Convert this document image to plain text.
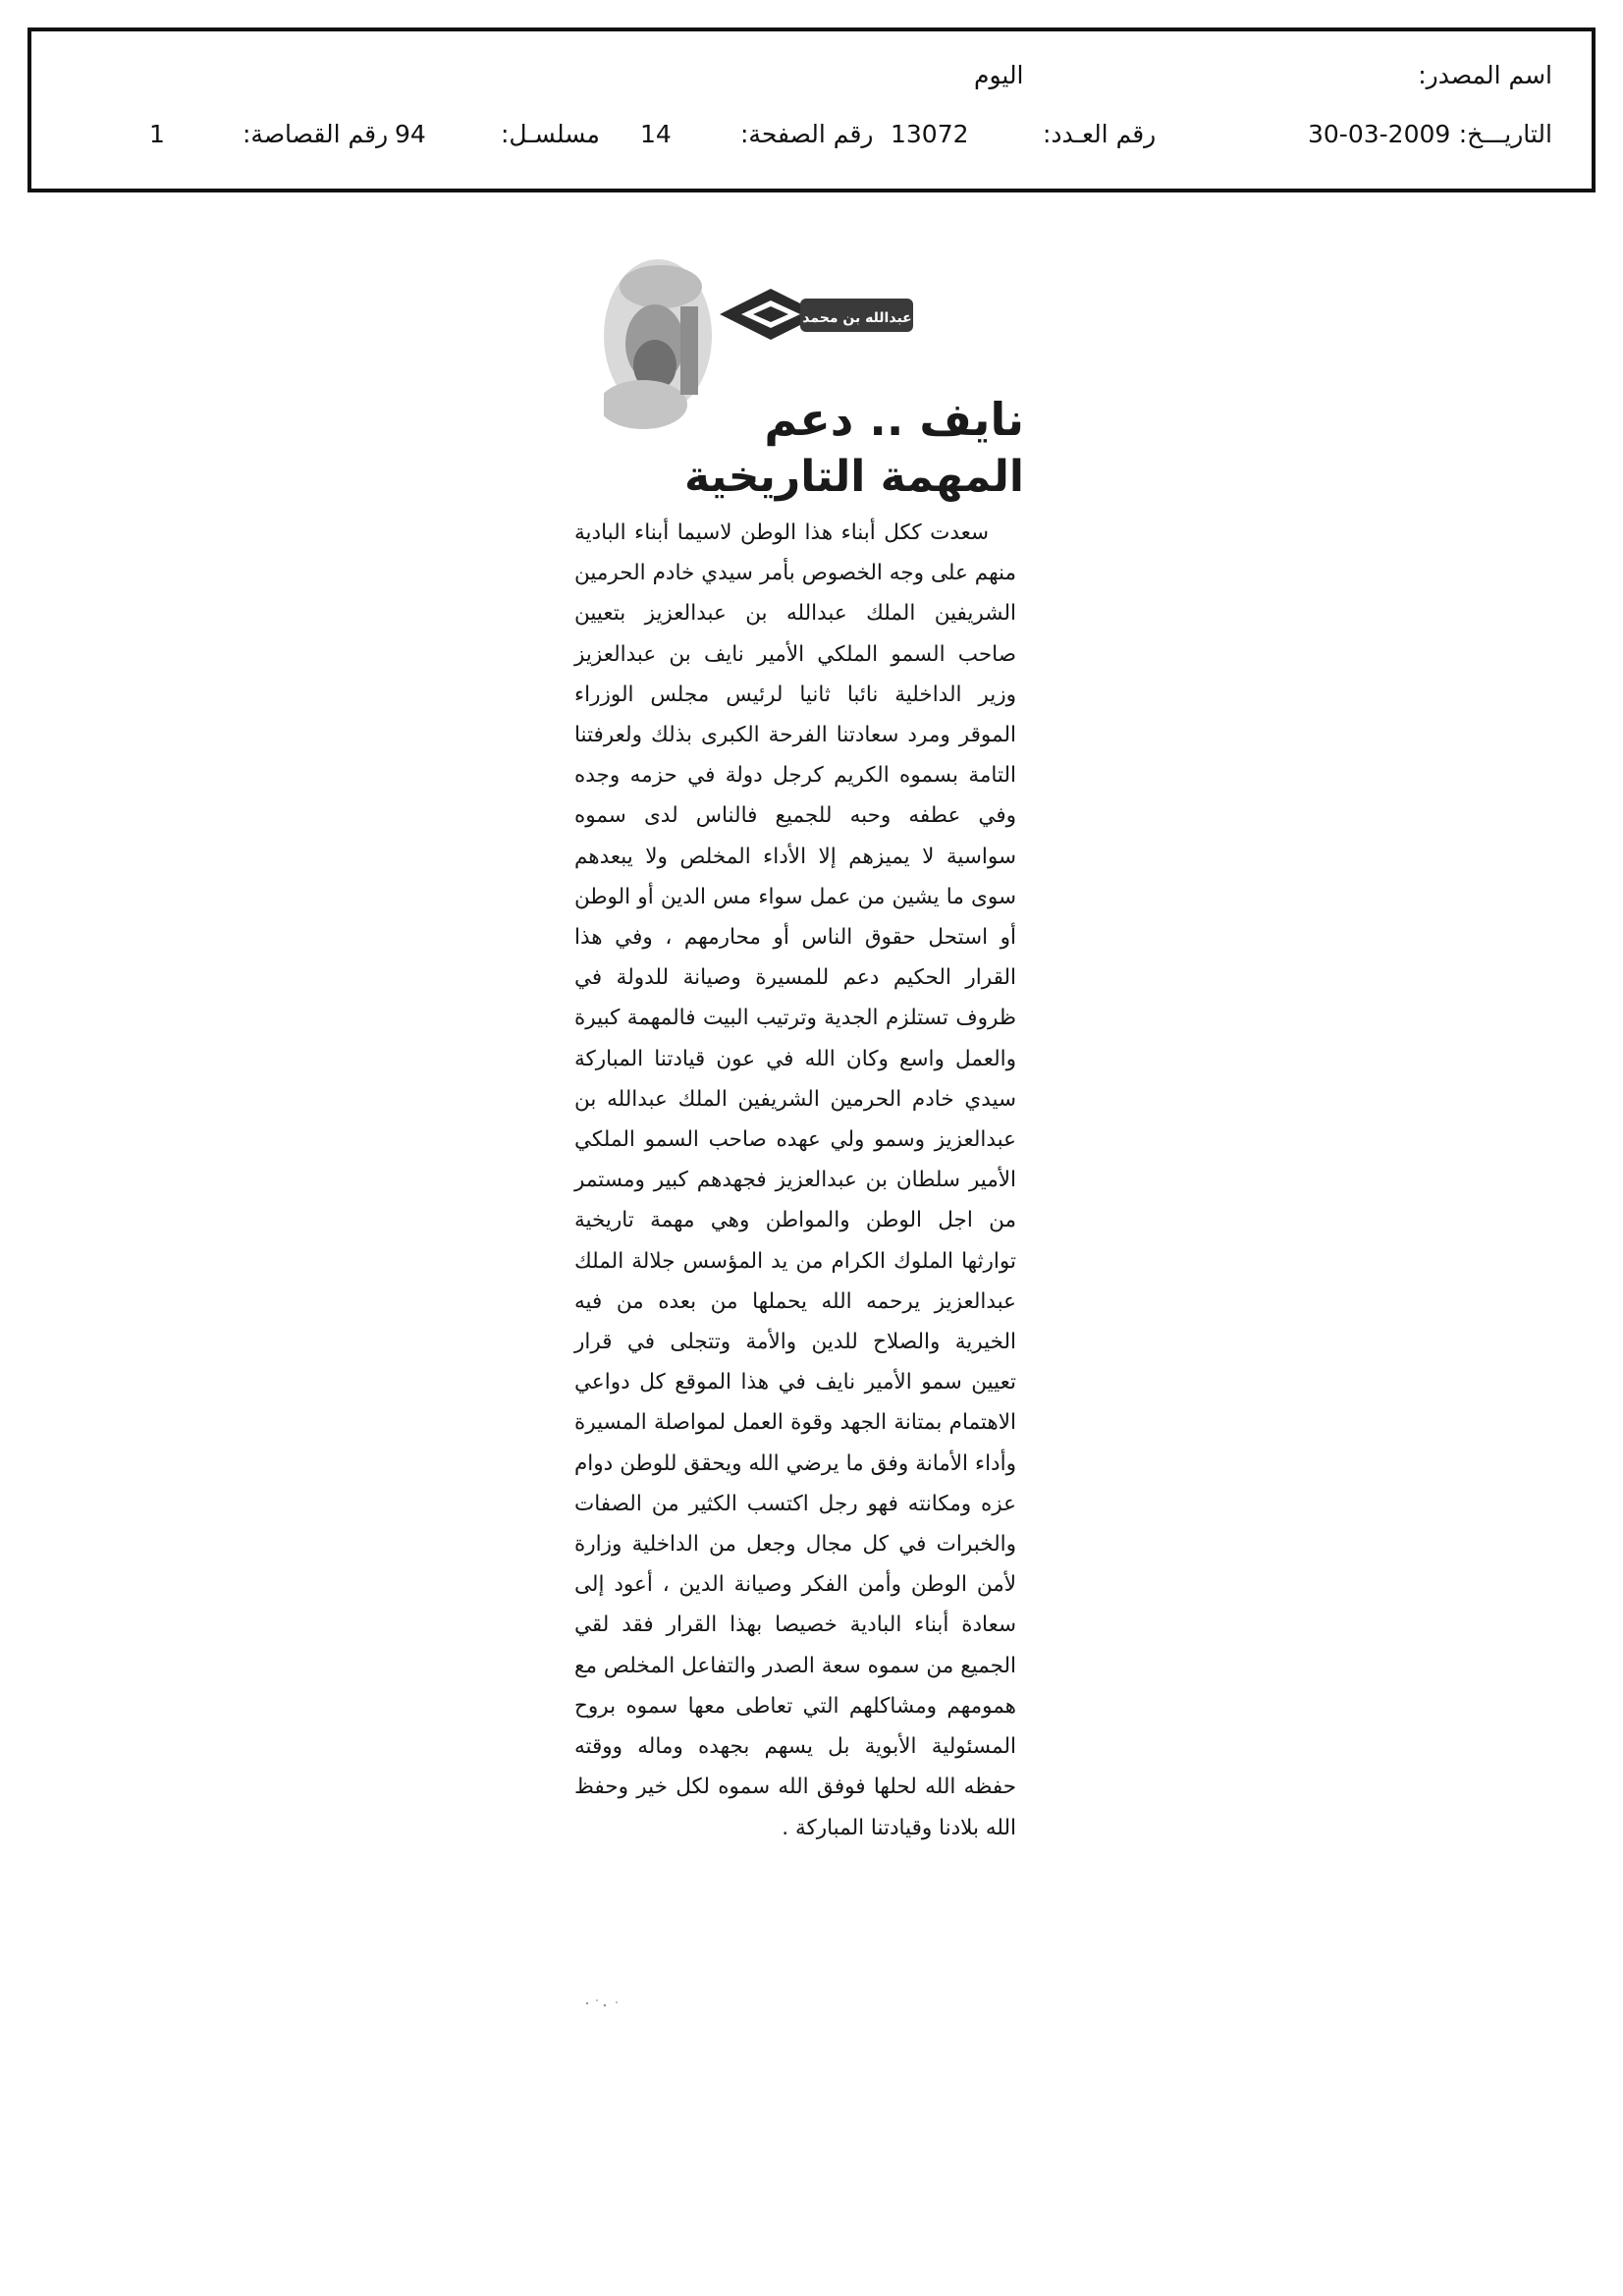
اسم المصدر:
اليوم
التاريـــخ:
30-03-2009
رقم العـدد:
13072
رقم الصفحة:
14
مسلسـل:
94
رقم القصاصة:
1
عبدالله بن محمد
نايف .. دعم
المهمة التاريخية

سعدت ككل أبناء هذا الوطن لاسيما أبناء البادية منهم على وجه الخصوص بأمر سيدي خادم الحرمين الشريفين الملك عبدالله بن عبدالعزيز بتعيين صاحب السمو الملكي الأمير نايف بن عبدالعزيز وزير الداخلية نائبا ثانيا لرئيس مجلس الوزراء الموقر ومرد سعادتنا الفرحة الكبرى بذلك ولعرفتنا التامة بسموه الكريم كرجل دولة في حزمه وجده وفي عطفه وحبه للجميع فالناس لدى سموه سواسية لا يميزهم إلا الأداء المخلص ولا يبعدهم سوى ما يشين من عمل سواء مس الدين أو الوطن أو استحل حقوق الناس أو محارمهم ، وفي هذا القرار الحكيم دعم للمسيرة وصيانة للدولة في ظروف تستلزم الجدية وترتيب البيت فالمهمة كبيرة والعمل واسع وكان الله في عون قيادتنا المباركة سيدي خادم الحرمين الشريفين الملك عبدالله بن عبدالعزيز وسمو ولي عهده صاحب السمو الملكي الأمير سلطان بن عبدالعزيز فجهدهم كبير ومستمر من اجل الوطن والمواطن وهي مهمة تاريخية توارثها الملوك الكرام من يد المؤسس جلالة الملك عبدالعزيز يرحمه الله يحملها من بعده من فيه الخيرية والصلاح للدين والأمة وتتجلى في قرار تعيين سمو الأمير نايف في هذا الموقع كل دواعي الاهتمام بمتانة الجهد وقوة العمل لمواصلة المسيرة وأداء الأمانة وفق ما يرضي الله ويحقق للوطن دوام عزه ومكانته فهو رجل اكتسب الكثير من الصفات والخبرات في كل مجال وجعل من الداخلية وزارة لأمن الوطن وأمن الفكر وصيانة الدين ، أعود إلى سعادة أبناء البادية خصيصا بهذا القرار فقد لقي الجميع من سموه سعة الصدر والتفاعل المخلص مع همومهم ومشاكلهم التي تعاطى معها سموه بروح المسئولية الأبوية بل يسهم بجهده وماله ووقته حفظه الله لحلها فوفق الله سموه لكل خير وحفظ الله بلادنا وقيادتنا المباركة .
